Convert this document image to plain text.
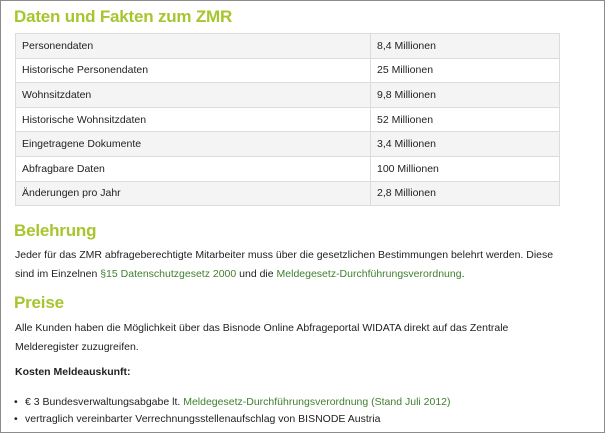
Daten und Fakten zum ZMR
Personendaten	8,4 Millionen
Historische Personendaten	25 Millionen
Wohnsitzdaten	9,8 Millionen
Historische Wohnsitzdaten	52 Millionen
Eingetragene Dokumente	3,4 Millionen
Abfragbare Daten	100 Millionen
Änderungen pro Jahr	2,8 Millionen
Belehrung

Jeder für das ZMR abfrageberechtigte Mitarbeiter muss über die gesetzlichen Bestimmungen belehrt werden. Diese sind im Einzelnen §15 Datenschutzgesetz 2000 und die Meldegesetz-Durchführungsverordnung.

Preise

Alle Kunden haben die Möglichkeit über das Bisnode Online Abfrageportal WIDATA direkt auf das Zentrale Melderegister zuzugreifen.

Kosten Meldeauskunft:
• € 3 Bundesverwaltungsabgabe lt. Meldegesetz-Durchführungsverordnung (Stand Juli 2012)
• vertraglich vereinbarter Verrechnungsstellenaufschlag von BISNODE Austria
